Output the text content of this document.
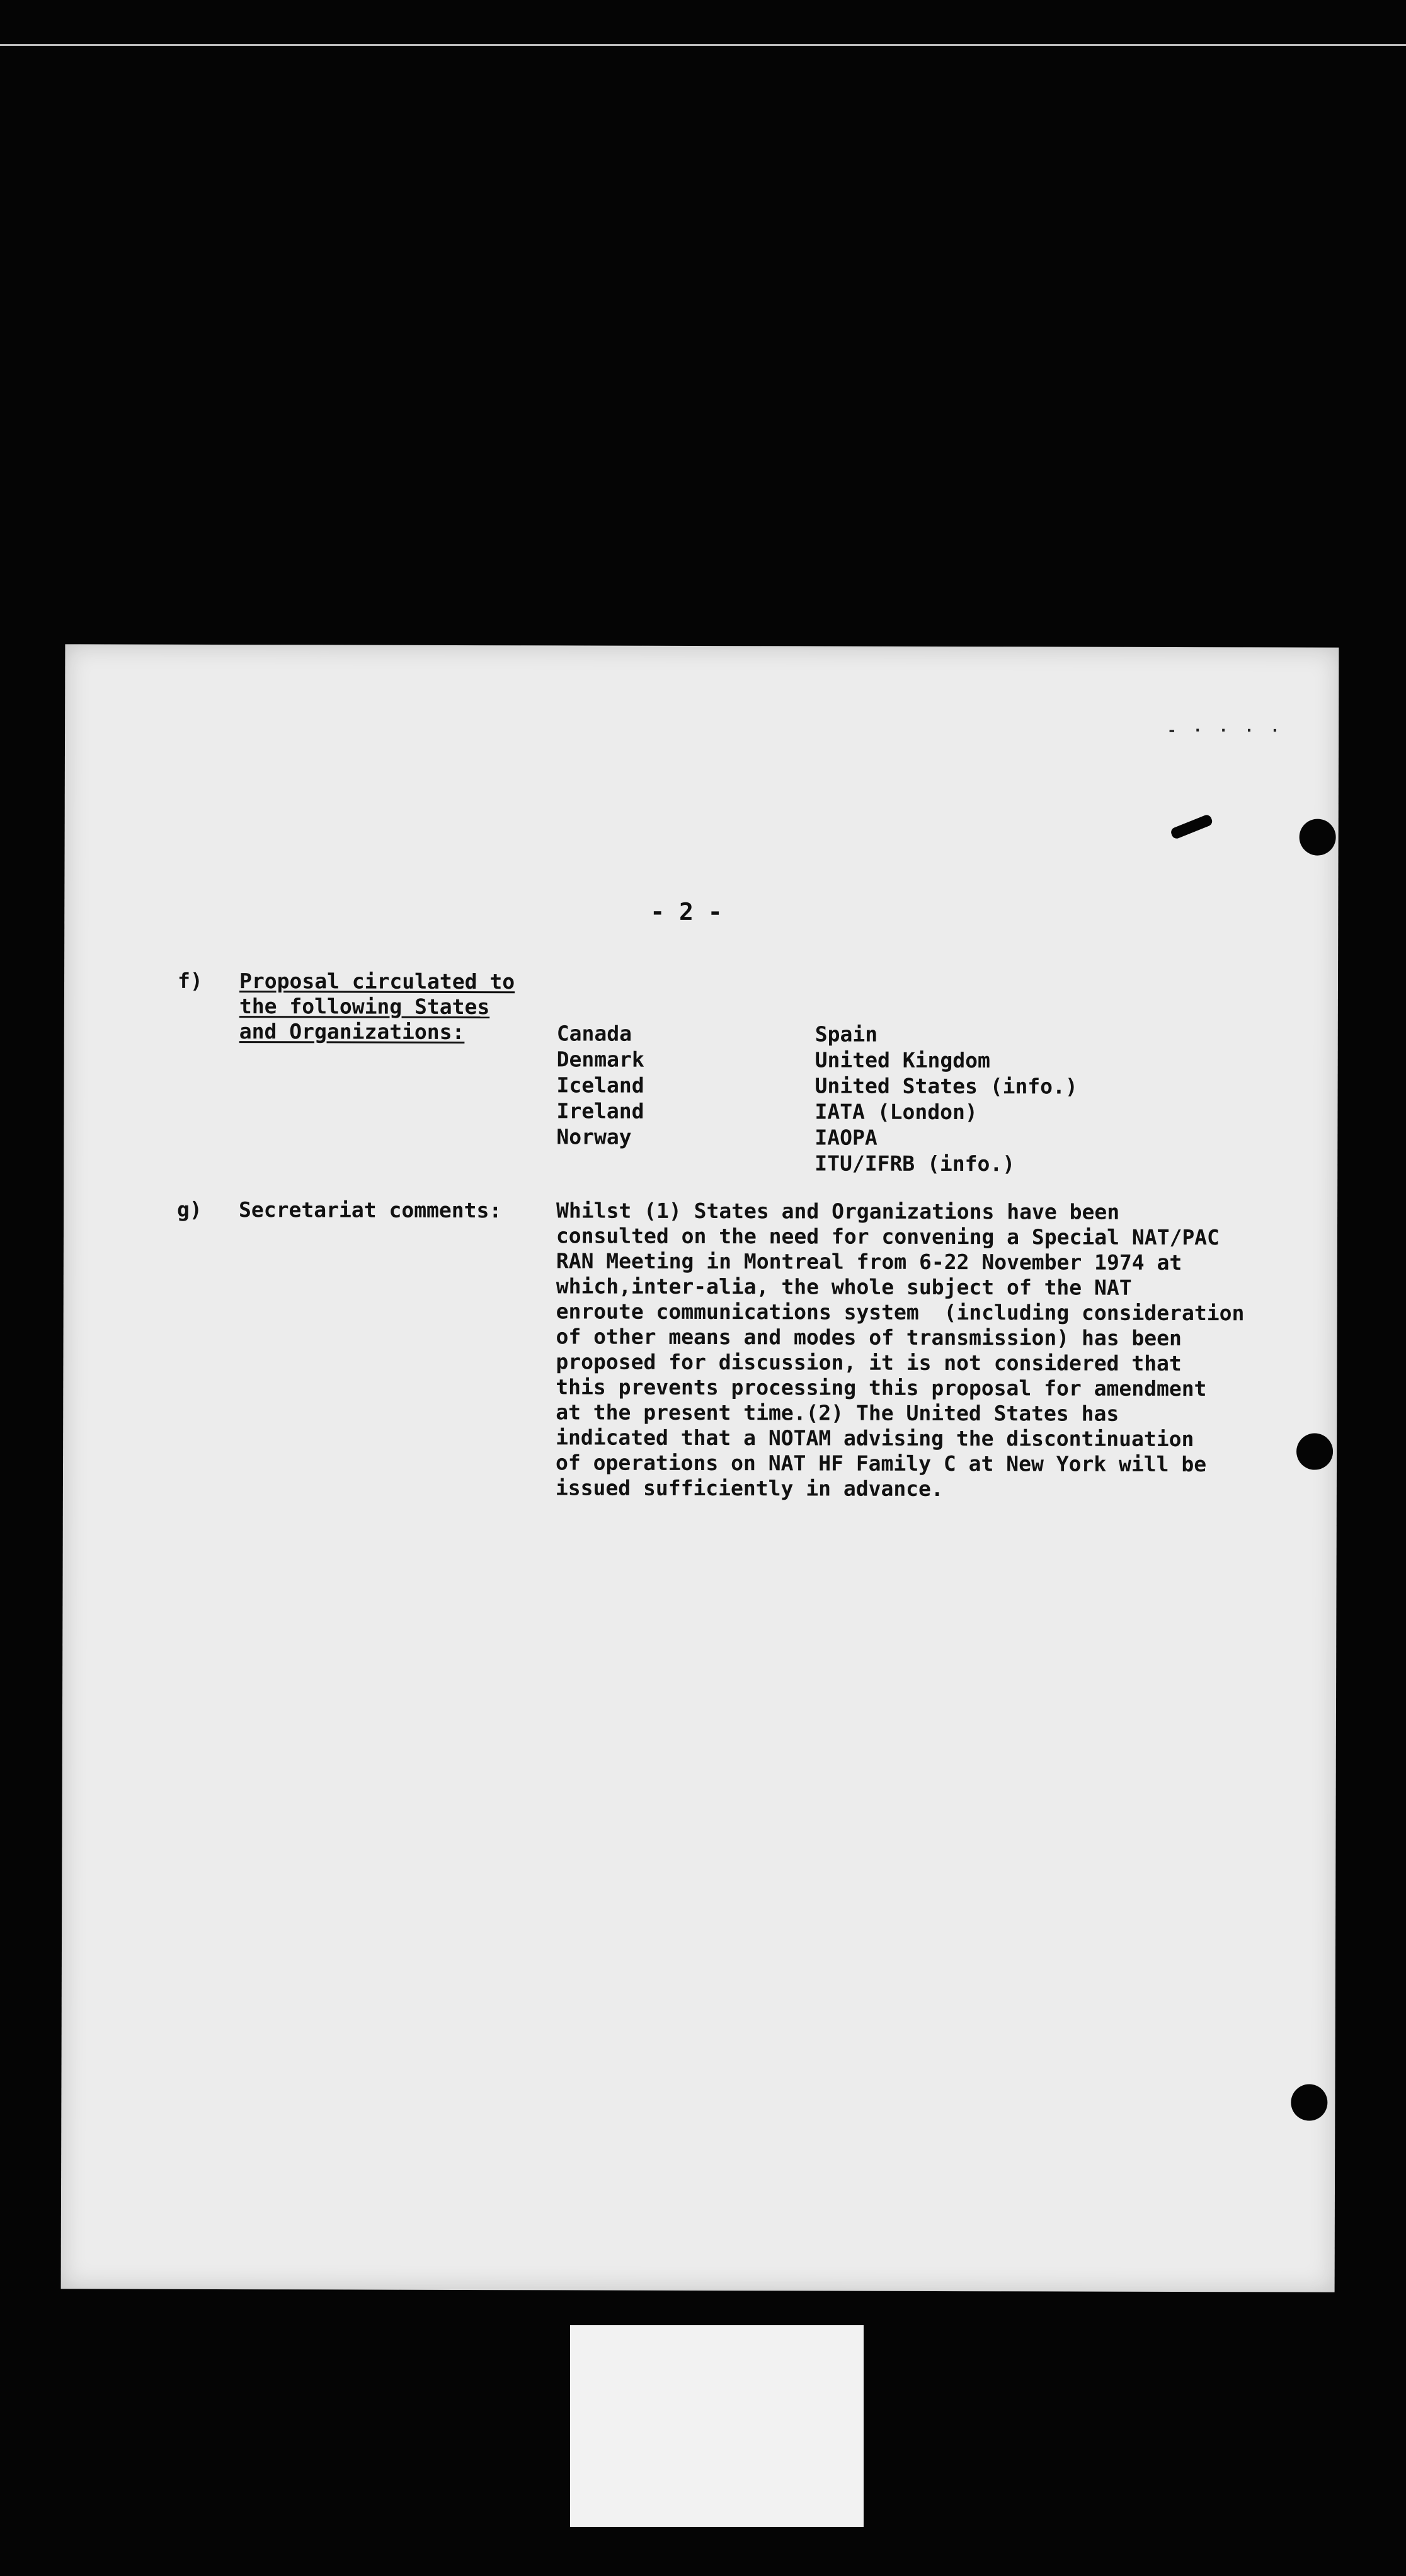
- · · · ·
- 2 -
f) Proposal circulated to
the following States
and Organizations:	Canada
Denmark
Iceland
Ireland
Norway
Spain
United Kingdom
United States (info.)
IATA (London)
IAOPA
ITU/IFRB (info.)
g) Secretariat comments:	Whilst (1) States and Organizations have been
consulted on the need for convening a Special NAT/PAC
RAN Meeting in Montreal from 6-22 November 1974 at
which,inter-alia, the whole subject of the NAT
enroute communications system  (including consideration
of other means and modes of transmission) has been
proposed for discussion, it is not considered that
this prevents processing this proposal for amendment
at the present time.(2) The United States has
indicated that a NOTAM advising the discontinuation
of operations on NAT HF Family C at New York will be
issued sufficiently in advance.
